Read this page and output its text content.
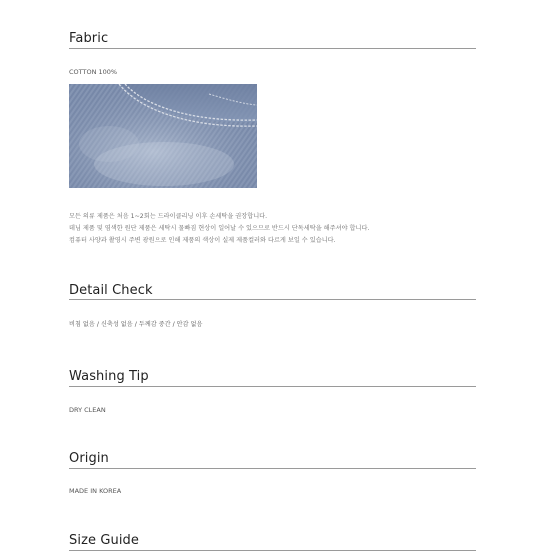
Fabric
COTTON 100%
모든 의류 제품은 처음 1~2회는 드라이클리닝 이후 손세탁을 권장합니다.
데님 제품 및 염색한 원단 제품은 세탁시 물빠짐 현상이 일어날 수 있으므로 반드시 단독세탁을 해주셔야 합니다.
컴퓨터 사양과 촬영시 주변 광원으로 인해 제품의 색상이 실제 제품컬러와 다르게 보일 수 있습니다.
Detail Check
비침 없음 / 신축성 없음 / 두께감 중간 / 안감 없음
Washing Tip
DRY CLEAN
Origin
MADE IN KOREA
Size Guide
